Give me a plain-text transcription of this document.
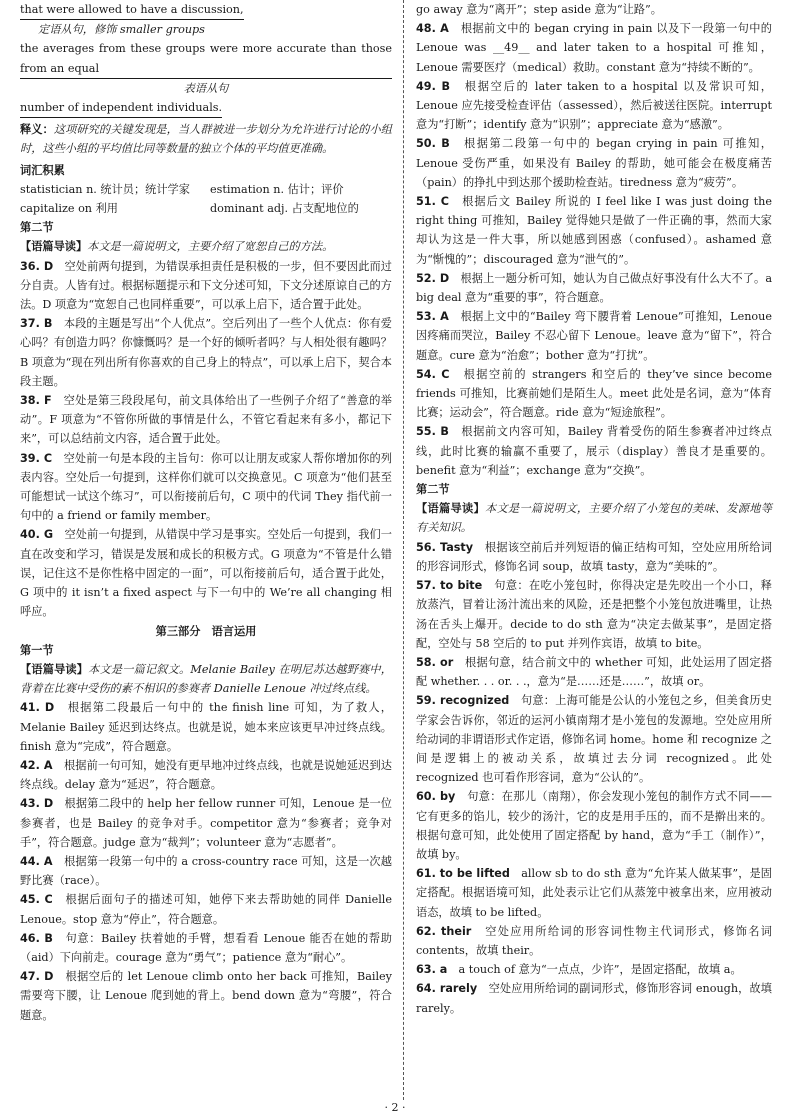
that were allowed to have a discussion,

定语从句，修饰 smaller groups

the averages from these groups were more accurate than those from an equal

表语从句

number of independent individuals.

释义：这项研究的关键发现是，当人群被进一步划分为允许进行讨论的小组时，这些小组的平均值比同等数量的独立个体的平均值更准确。

词汇积累

statistician n. 统计员；统计学家	estimation n. 估计；评价
capitalize on 利用	dominant adj. 占支配地位的

第二节

【语篇导读】本文是一篇说明文，主要介绍了宽恕自己的方法。

36. D　 空处前两句提到，为错误承担责任是积极的一步，但不要因此而过分自责。人皆有过。根据标题提示和下文分述可知，下文分述原谅自己的方法。D 项意为“宽恕自己也同样重要”，可以承上启下，适合置于此处。

37. B　 本段的主题是写出“个人优点”。空后列出了一些个人优点：你有爱心吗？有创造力吗？你慷慨吗？是一个好的倾听者吗？与人相处很有趣吗？B 项意为“现在列出所有你喜欢的自己身上的特点”，可以承上启下，契合本段主题。

38. F　 空处是第三段段尾句，前文具体给出了一些例子介绍了“善意的举动”。F 项意为“不管你所做的事情是什么，不管它看起来有多小，都记下来”，可以总结前文内容，适合置于此处。

39. C　 空处前一句是本段的主旨句：你可以让朋友或家人帮你增加你的列表内容。空处后一句提到，这样你们就可以交换意见。C 项意为“他们甚至可能想试一试这个练习”，可以衔接前后句，C 项中的代词 They 指代前一句中的 a friend or family member。

40. G　 空处前一句提到，从错误中学习是事实。空处后一句提到，我们一直在改变和学习，错误是发展和成长的积极方式。G 项意为“不管是什么错误，记住这不是你性格中固定的一面”，可以衔接前后句，适合置于此处，G 项中的 it isn’t a fixed aspect 与下一句中的 We’re all changing 相呼应。

第三部分　语言运用

第一节

【语篇导读】本文是一篇记叙文。Melanie Bailey 在明尼苏达越野赛中，背着在比赛中受伤的素不相识的参赛者 Danielle Lenoue 冲过终点线。

41. D　 根据第二段最后一句中的 the finish line 可知，为了救人，Melanie Bailey 延迟到达终点。也就是说，她本来应该更早冲过终点线。finish 意为“完成”，符合题意。

42. A　 根据前一句可知，她没有更早地冲过终点线，也就是说她延迟到达终点线。delay 意为“延迟”，符合题意。

43. D　 根据第二段中的 help her fellow runner 可知，Lenoue 是一位参赛者，也是 Bailey 的竞争对手。competitor 意为“参赛者；竞争对手”，符合题意。judge 意为“裁判”；volunteer 意为“志愿者”。

44. A　 根据第一段第一句中的 a cross-country race 可知，这是一次越野比赛（race）。

45. C　 根据后面句子的描述可知，她停下来去帮助她的同伴 Danielle Lenoue。stop 意为“停止”，符合题意。

46. B　 句意：Bailey 扶着她的手臂，想看看 Lenoue 能否在她的帮助（aid）下向前走。courage 意为“勇气”；patience 意为“耐心”。

47. D　 根据空后的 let Lenoue climb onto her back 可推知，Bailey 需要弯下腰，让 Lenoue 爬到她的背上。bend down 意为“弯腰”，符合题意。

go away 意为“离开”；step aside 意为“让路”。

48. A　 根据前文中的 began crying in pain 以及下一段第一句中的 Lenoue was __49__ and later taken to a hospital 可推知，Lenoue 需要医疗（medical）救助。constant 意为“持续不断的”。

49. B　 根据空后的 later taken to a hospital 以及常识可知，Lenoue 应先接受检查评估（assessed），然后被送往医院。interrupt 意为“打断”；identify 意为“识别”；appreciate 意为“感激”。

50. B　 根据第二段第一句中的 began crying in pain 可推知，Lenoue 受伤严重，如果没有 Bailey 的帮助，她可能会在极度痛苦（pain）的挣扎中到达那个援助检查站。tiredness 意为“疲劳”。

51. C　 根据后文 Bailey 所说的 I feel like I was just doing the right thing 可推知，Bailey 觉得她只是做了一件正确的事，然而大家却认为这是一件大事，所以她感到困惑（confused）。ashamed 意为“惭愧的”；discouraged 意为“泄气的”。

52. D　 根据上一题分析可知，她认为自己做点好事没有什么大不了。a big deal 意为“重要的事”，符合题意。

53. A　 根据上文中的“Bailey 弯下腰背着 Lenoue”可推知，Lenoue 因疼痛而哭泣，Bailey 不忍心留下 Lenoue。leave 意为“留下”，符合题意。cure 意为“治愈”；bother 意为“打扰”。

54. C　 根据空前的 strangers 和空后的 they’ve since become friends 可推知，比赛前她们是陌生人。meet 此处是名词，意为“体育比赛；运动会”，符合题意。ride 意为“短途旅程”。

55. B　 根据前文内容可知，Bailey 背着受伤的陌生参赛者冲过终点线，此时比赛的输赢不重要了，展示（display）善良才是重要的。benefit 意为“利益”；exchange 意为“交换”。

第二节

【语篇导读】本文是一篇说明文，主要介绍了小笼包的美味、发源地等有关知识。

56. Tasty　 根据该空前后并列短语的偏正结构可知，空处应用所给词的形容词形式，修饰名词 soup，故填 tasty，意为“美味的”。

57. to bite　 句意：在吃小笼包时，你得决定是先咬出一个小口，释放蒸汽，冒着让汤汁流出来的风险，还是把整个小笼包放进嘴里，让热汤在舌头上爆开。decide to do sth 意为“决定去做某事”，是固定搭配，空处与 58 空后的 to put 并列作宾语，故填 to bite。

58. or　 根据句意，结合前文中的 whether 可知，此处运用了固定搭配 whether. . . or. . .，意为“是……还是……”，故填 or。

59. recognized　 句意：上海可能是公认的小笼包之乡，但美食历史学家会告诉你，邻近的运河小镇南翔才是小笼包的发源地。空处应用所给动词的非谓语形式作定语，修饰名词 home。home 和 recognize 之间是逻辑上的被动关系，故填过去分词 recognized。此处 recognized 也可看作形容词，意为“公认的”。

60. by　 句意：在那儿（南翔），你会发现小笼包的制作方式不同——它有更多的馅儿，较少的汤汁，它的皮是用手压的，而不是擀出来的。根据句意可知，此处使用了固定搭配 by hand，意为“手工（制作）”，故填 by。

61. to be lifted　 allow sb to do sth 意为“允许某人做某事”，是固定搭配。根据语境可知，此处表示让它们从蒸笼中被拿出来，应用被动语态，故填 to be lifted。

62. their　 空处应用所给词的形容词性物主代词形式，修饰名词 contents，故填 their。

63. a　 a touch of 意为“一点点，少许”，是固定搭配，故填 a。

64. rarely　 空处应用所给词的副词形式，修饰形容词 enough，故填 rarely。

· 2 ·
